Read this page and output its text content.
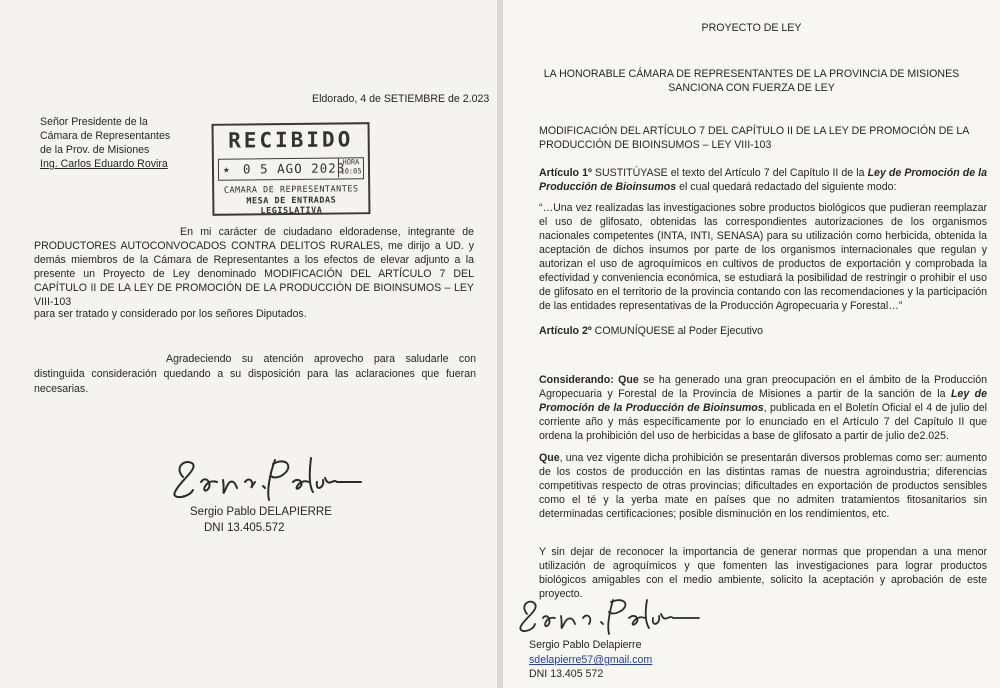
Eldorado, 4 de SETIEMBRE de 2.023

Señor Presidente de la
Cámara de Representantes
de la Prov. de Misiones
Ing. Carlos Eduardo Rovira
RECIBIDO
★ 0 5 AGO 2023
HORA
10:05
CAMARA DE REPRESENTANTES
MESA DE ENTRADAS LEGISLATIVA

En mi carácter de ciudadano eldoradense, integrante de PRODUCTORES AUTOCONVOCADOS CONTRA DELITOS RURALES, me dirijo a UD. y demás miembros de la Cámara de Representantes a los efectos de elevar adjunto a la presente un Proyecto de Ley denominado MODIFICACIÓN DEL ARTÍCULO 7 DEL CAPÍTULO II DE LA LEY DE PROMOCIÓN DE LA PRODUCCIÓN DE BIOINSUMOS – LEY VIII-103

para ser tratado y considerado por los señores Diputados.

Agradeciendo su atención aprovecho para saludarle con distinguida consideración quedando a su disposición para las aclaraciones que fueran necesarias.

Sergio Pablo DELAPIERRE

DNI 13.405.572

PROYECTO DE LEY

LA HONORABLE CÁMARA DE REPRESENTANTES DE LA PROVINCIA DE MISIONES

SANCIONA CON FUERZA DE LEY

MODIFICACIÓN DEL ARTÍCULO 7 DEL CAPÍTULO II DE LA LEY DE PROMOCIÓN DE LA PRODUCCIÓN DE BIOINSUMOS – LEY VIII-103

Artículo 1º SUSTITÚYASE el texto del Artículo 7 del Capítulo II de la Ley de Promoción de la Producción de Bioinsumos el cual quedará redactado del siguiente modo:

“…Una vez realizadas las investigaciones sobre productos biológicos que pudieran reemplazar el uso de glifosato, obtenidas las correspondientes autorizaciones de los organismos nacionales competentes (INTA, INTI, SENASA) para su utilización como herbicida, obtenida la aceptación de dichos insumos por parte de los organismos internacionales que regulan y autorizan el uso de agroquímicos en cultivos de productos de exportación y comprobada la efectividad y conveniencia económica, se estudiará la posibilidad de restringir o prohibir el uso de glifosato en el territorio de la provincia contando con las recomendaciones y la participación de las entidades representativas de la Producción Agropecuaria y Forestal…”

Artículo 2º COMUNÍQUESE al Poder Ejecutivo

Considerando: Que se ha generado una gran preocupación en el ámbito de la Producción Agropecuaria y Forestal de la Provincia de Misiones a partir de la sanción de la Ley de Promoción de la Producción de Bioinsumos, publicada en el Boletín Oficial el 4 de julio del corriente año y más específicamente por lo enunciado en el Artículo 7 del Capítulo II que ordena la prohibición del uso de herbicidas a base de glifosato a partir de julio de2.025.

Que, una vez vigente dicha prohibición se presentarán diversos problemas como ser: aumento de los costos de producción en las distintas ramas de nuestra agroindustria; diferencias competitivas respecto de otras provincias; dificultades en exportación de productos sensibles como el té y la yerba mate en países que no admiten tratamientos fitosanitarios sin determinadas certificaciones; posible disminución en los rendimientos, etc.

Y sin dejar de reconocer la importancia de generar normas que propendan a una menor utilización de agroquímicos y que fomenten las investigaciones para lograr productos biológicos amigables con el medio ambiente, solicito la aceptación y aprobación de este proyecto.

Sergio Pablo Delapierre

sdelapierre57@gmail.com

DNI 13.405 572
